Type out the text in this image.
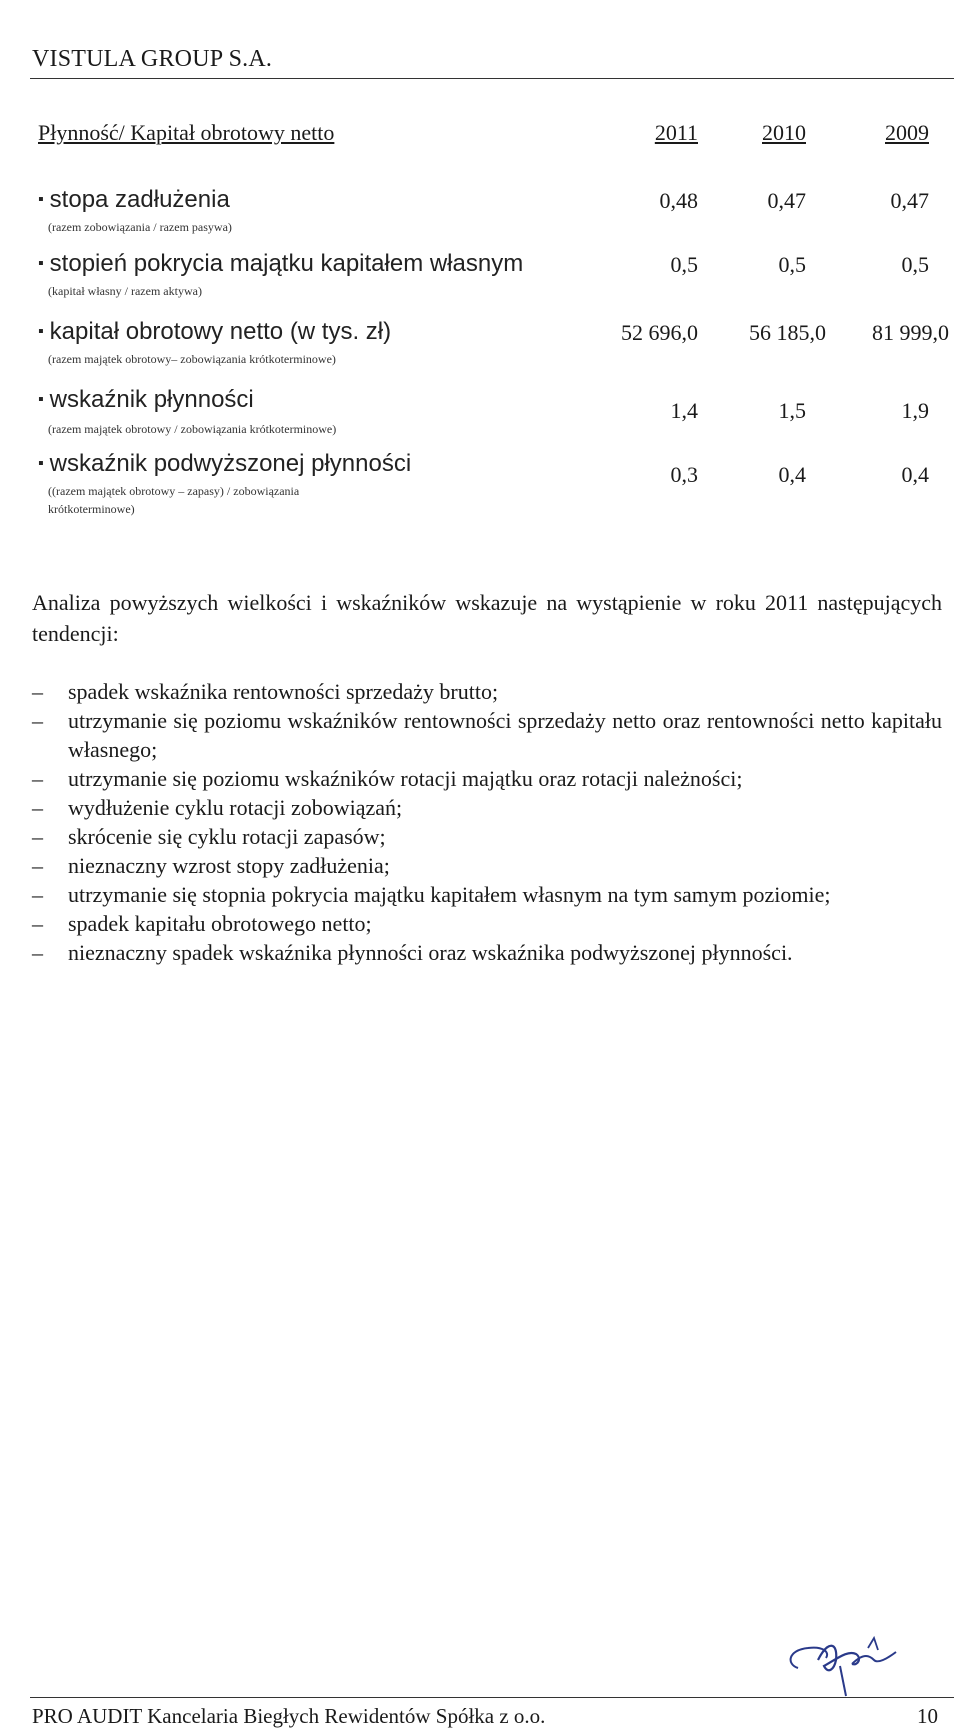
VISTULA GROUP S.A.
Płynność/ Kapitał obrotowy netto	2011	2010	2009
▪ stopa zadłużenia
(razem zobowiązania / razem pasywa)
0,48	0,47	0,47
▪ stopień pokrycia majątku kapitałem własnym
(kapitał własny / razem aktywa)
0,5	0,5	0,5
▪ kapitał obrotowy netto (w tys. zł)
(razem majątek obrotowy– zobowiązania krótkoterminowe)
52 696,0	56 185,0	81 999,0
▪ wskaźnik płynności
(razem majątek obrotowy / zobowiązania krótkoterminowe)
1,4	1,5	1,9
▪ wskaźnik podwyższonej płynności
((razem majątek obrotowy – zapasy) / zobowiązania krótkoterminowe)
0,3	0,4	0,4

Analiza powyższych wielkości i wskaźników wskazuje na wystąpienie w roku 2011 następujących tendencji:

– spadek wskaźnika rentowności sprzedaży brutto;
– utrzymanie się poziomu wskaźników rentowności sprzedaży netto oraz rentowności netto kapitału własnego;
– utrzymanie się poziomu wskaźników rotacji majątku oraz rotacji należności;
– wydłużenie cyklu rotacji zobowiązań;
– skrócenie się cyklu rotacji zapasów;
– nieznaczny wzrost stopy zadłużenia;
– utrzymanie się stopnia pokrycia majątku kapitałem własnym na tym samym poziomie;
– spadek kapitału obrotowego netto;
– nieznaczny spadek wskaźnika płynności oraz wskaźnika podwyższonej płynności.
PRO AUDIT Kancelaria Biegłych Rewidentów Spółka z o.o.	10
